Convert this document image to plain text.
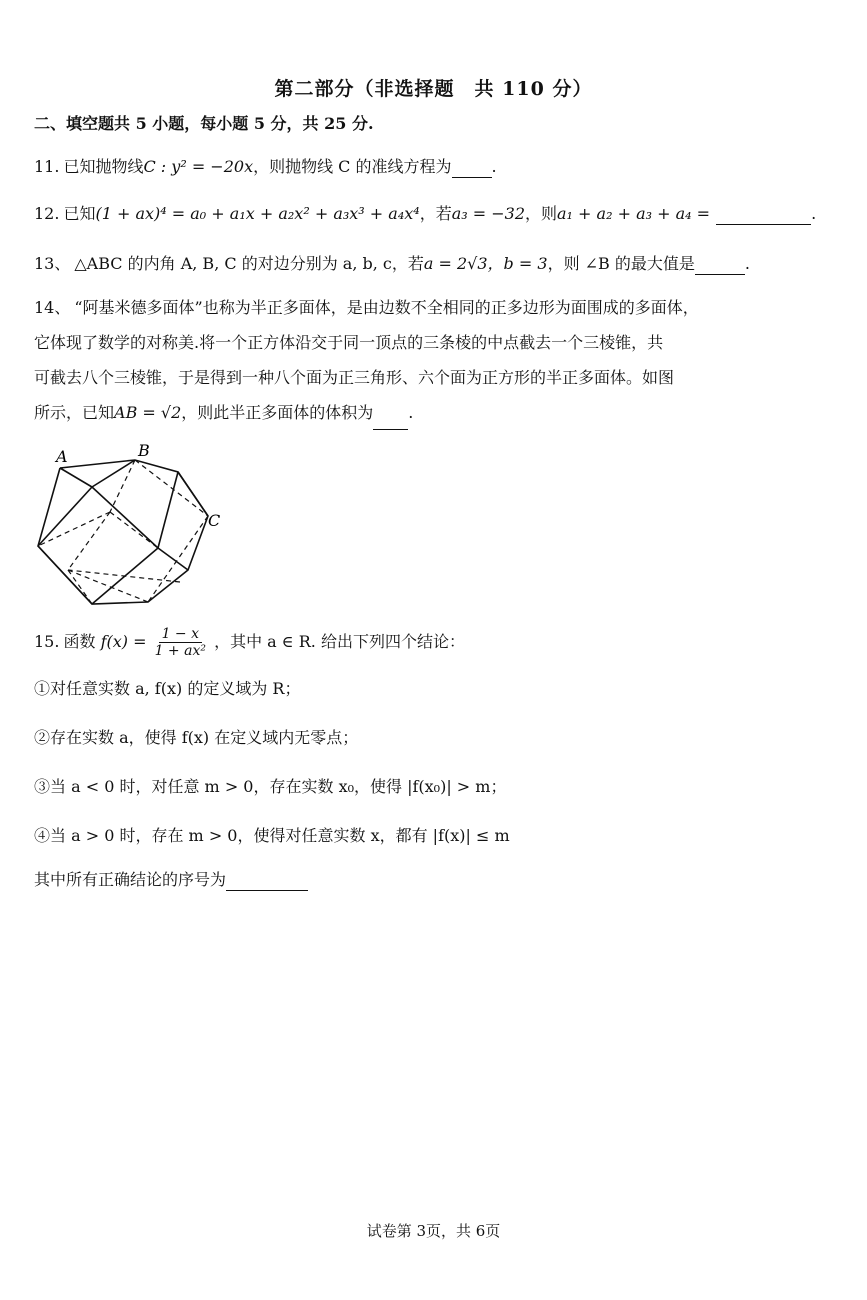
第二部分（非选择题　共 110 分）
二、填空题共 5 小题，每小题 5 分，共 25 分.
11. 已知抛物线C : y² = −20x，则抛物线 C 的准线方程为	.
12. 已知(1 + ax)⁴ = a₀ + a₁x + a₂x² + a₃x³ + a₄x⁴，若a₃ = −32，则a₁ + a₂ + a₃ + a₄ =	.
13、 △ABC 的内角 A, B, C 的对边分别为 a, b, c，若a = 2√3，b = 3，则 ∠B 的最大值是	.
14、 “阿基米德多面体”也称为半正多面体，是由边数不全相同的正多边形为面围成的多面体，
它体现了数学的对称美.将一个正方体沿交于同一顶点的三条棱的中点截去一个三棱锥，共
可截去八个三棱锥，于是得到一种八个面为正三角形、六个面为正方形的半正多面体。如图
所示，已知AB = √2，则此半正多面体的体积为 .
A	B
C
15. 函数 $f(x) = \frac{1 - x}{\text{1 + ax²}}$ ，其中 a ∈ R. 给出下列四个结论：
①对任意实数 a, f(x) 的定义域为 R；
②存在实数 a，使得 f(x) 在定义域内无零点；
③当 a < 0 时，对任意 m > 0，存在实数 x₀，使得 |f(x₀)| > m；
④当 a > 0 时，存在 m > 0，使得对任意实数 x，都有 |f(x)| ≤ m
其中所有正确结论的序号为
试卷第 3页，共 6页
